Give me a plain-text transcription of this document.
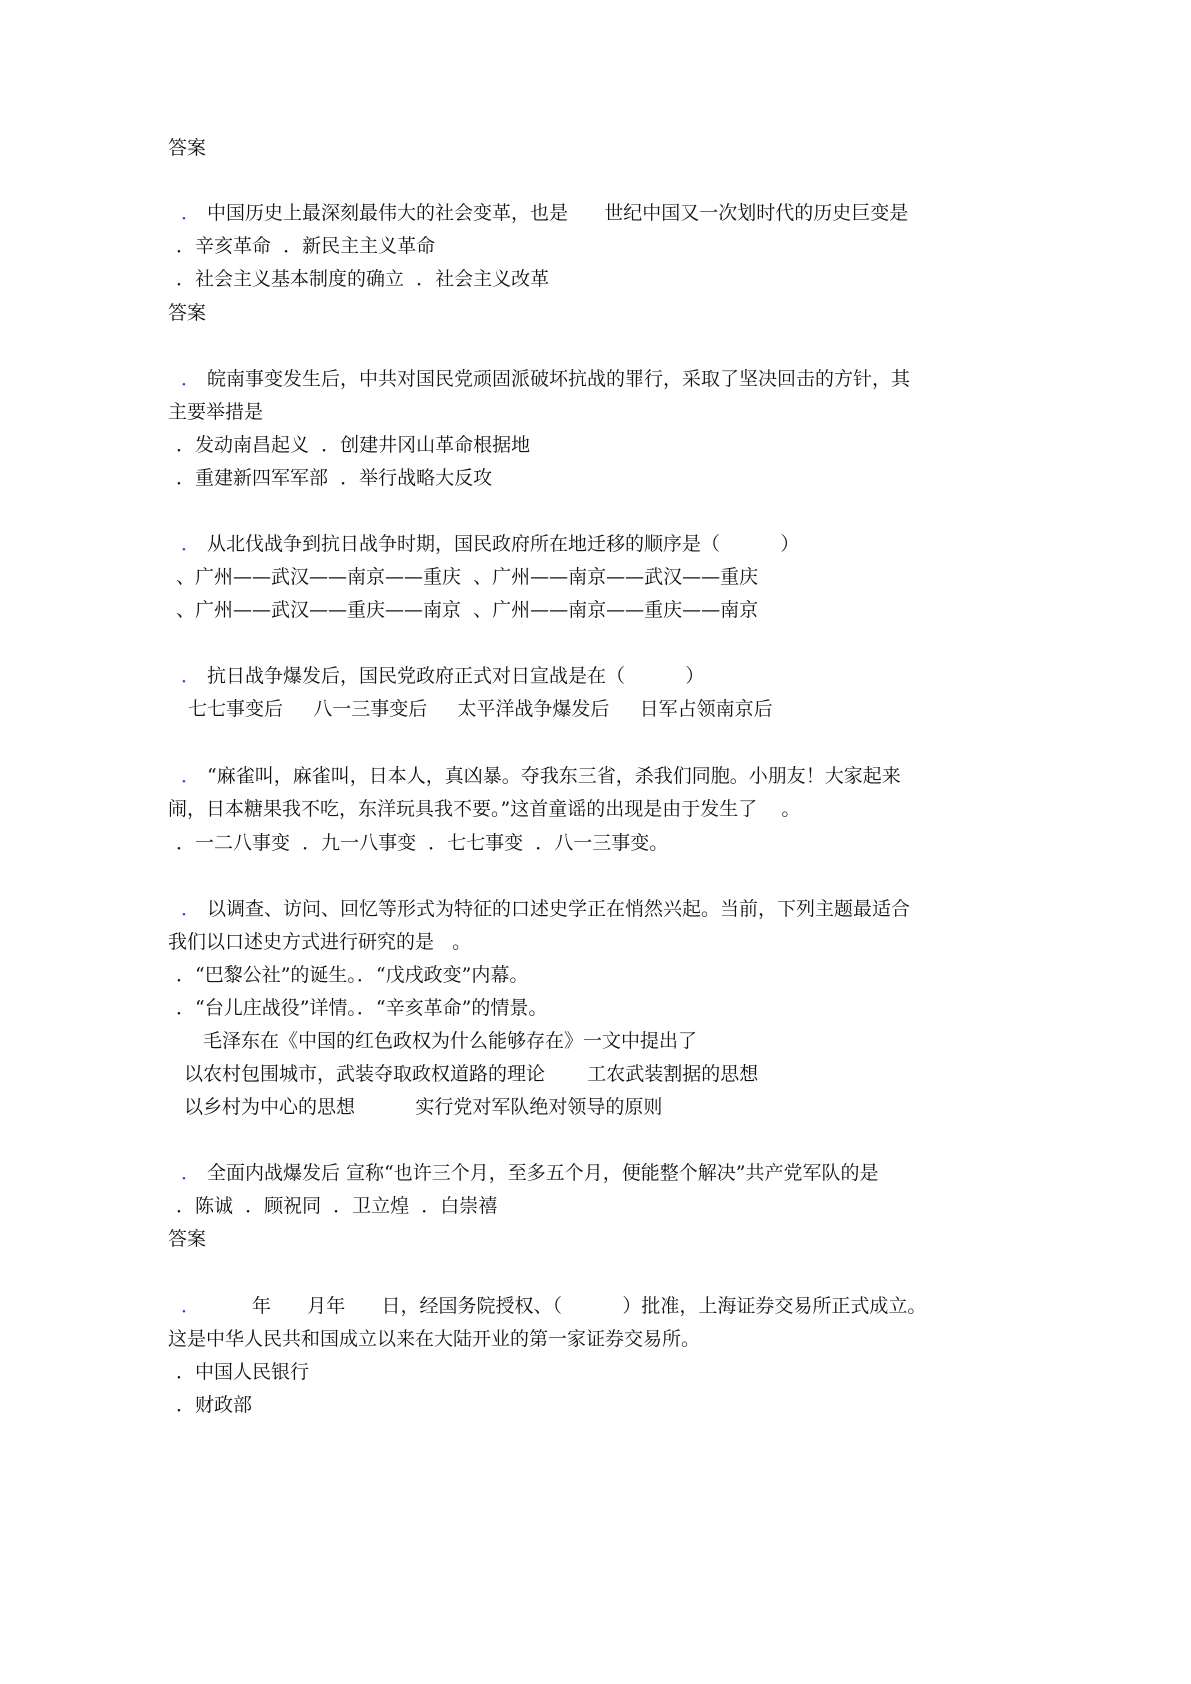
答案
． 中国历史上最深刻最伟大的社会变革，也是      世纪中国又一次划时代的历史巨变是
．辛亥革命  ．新民主主义革命
．社会主义基本制度的确立  ．社会主义改革
答案
． 皖南事变发生后，中共对国民党顽固派破坏抗战的罪行，采取了坚决回击的方针，其
主要举措是
．发动南昌起义  ．创建井冈山革命根据地
．重建新四军军部  ．举行战略大反攻
． 从北伐战争到抗日战争时期，国民政府所在地迁移的顺序是（          ）
、广州——武汉——南京——重庆  、广州——南京——武汉——重庆
、广州——武汉——重庆——南京  、广州——南京——重庆——南京
． 抗日战争爆发后，国民党政府正式对日宣战是在（          ）
七七事变后     八一三事变后     太平洋战争爆发后     日军占领南京后
． “麻雀叫，麻雀叫，日本人，真凶暴。夺我东三省，杀我们同胞。小朋友！大家起来
闹，日本糖果我不吃，东洋玩具我不要。”这首童谣的出现是由于发生了    。
．一二八事变  ．九一八事变  ．七七事变  ．八一三事变。
． 以调查、访问、回忆等形式为特征的口述史学正在悄然兴起。当前，下列主题最适合
我们以口述史方式进行研究的是   。
．“巴黎公社”的诞生。．“戊戌政变”内幕。
．“台儿庄战役”详情。．“辛亥革命”的情景。
毛泽东在《中国的红色政权为什么能够存在》一文中提出了
以农村包围城市，武装夺取政权道路的理论       工农武装割据的思想
以乡村为中心的思想          实行党对军队绝对领导的原则
． 全面内战爆发后 宣称“也许三个月，至多五个月，便能整个解决”共产党军队的是
．陈诚  ．顾祝同  ．卫立煌  ．白崇禧
答案
．	年      月年      日，经国务院授权、（          ）批准，上海证券交易所正式成立。
这是中华人民共和国成立以来在大陆开业的第一家证券交易所。
．中国人民银行
．财政部
